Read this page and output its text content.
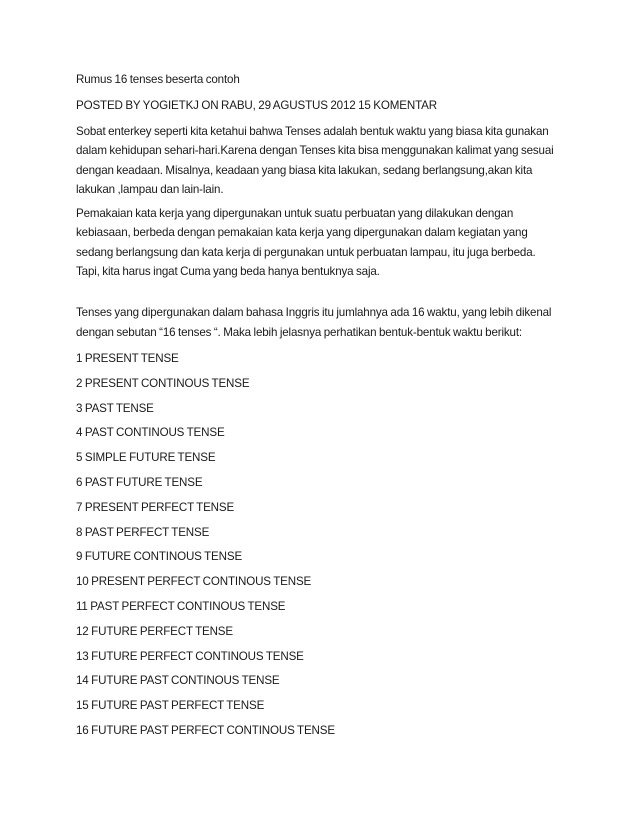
Rumus 16 tenses beserta contoh
POSTED BY YOGIETKJ ON RABU, 29 AGUSTUS 2012 15 KOMENTAR
Sobat enterkey seperti kita ketahui bahwa Tenses adalah bentuk waktu yang biasa kita gunakan
dalam kehidupan sehari-hari.Karena dengan Tenses kita bisa menggunakan kalimat yang sesuai
dengan keadaan. Misalnya, keadaan yang biasa kita lakukan, sedang berlangsung,akan kita
lakukan ,lampau dan lain-lain.
Pemakaian kata kerja yang dipergunakan untuk suatu perbuatan yang dilakukan dengan
kebiasaan, berbeda dengan pemakaian kata kerja yang dipergunakan dalam kegiatan yang
sedang berlangsung dan kata kerja di pergunakan untuk perbuatan lampau, itu juga berbeda.
Tapi, kita harus ingat Cuma yang beda hanya bentuknya saja.
Tenses yang dipergunakan dalam bahasa Inggris itu jumlahnya ada 16 waktu, yang lebih dikenal
dengan sebutan “16 tenses “. Maka lebih jelasnya perhatikan bentuk-bentuk waktu berikut:
1 PRESENT TENSE
2 PRESENT CONTINOUS TENSE
3 PAST TENSE
4 PAST CONTINOUS TENSE
5 SIMPLE FUTURE TENSE
6 PAST FUTURE TENSE
7 PRESENT PERFECT TENSE
8 PAST PERFECT TENSE
9 FUTURE CONTINOUS TENSE
10 PRESENT PERFECT CONTINOUS TENSE
11 PAST PERFECT CONTINOUS TENSE
12 FUTURE PERFECT TENSE
13 FUTURE PERFECT CONTINOUS TENSE
14 FUTURE PAST CONTINOUS TENSE
15 FUTURE PAST PERFECT TENSE
16 FUTURE PAST PERFECT CONTINOUS TENSE
